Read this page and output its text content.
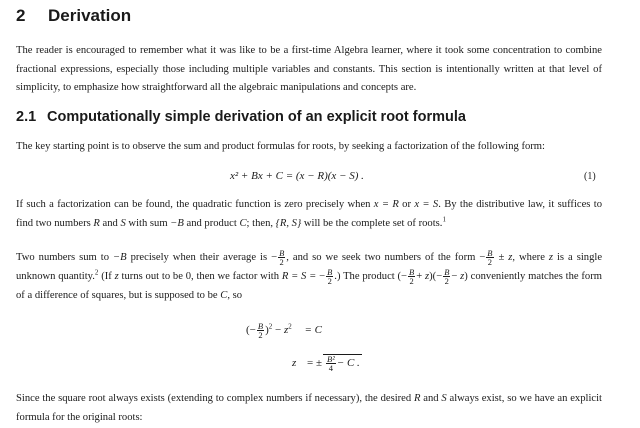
2 Derivation

The reader is encouraged to remember what it was like to be a first-time Algebra learner, where it took some concentration to combine fractional expressions, especially those including multiple variables and constants. This section is intentionally written at that level of simplicity, to emphasize how straightforward all the algebraic manipulations and concepts are.

2.1 Computationally simple derivation of an explicit root formula

The key starting point is to observe the sum and product formulas for roots, by seeking a factorization of the following form:

x² + Bx + C = (x − R)(x − S) .	(1)

If such a factorization can be found, the quadratic function is zero precisely when x = R or x = S. By the distributive law, it suffices to find two numbers R and S with sum −B and product C; then, {R, S} will be the complete set of roots.$^1$

Two numbers sum to −B precisely when their average is − $\frac{B}{2}$ , and so we seek two numbers of the form − $\frac{B}{2} \pm z$, where z is a single unknown quantity.$^2$ (If z turns out to be 0, then we factor with R = S = − $\frac{B}{2}$ .) The product (− $\frac{B}{2} + z)(- \frac{B}{2} - z)$ conveniently matches the form of a difference of squares, but is supposed to be C, so

(− $\frac{B}{2} )^2 - z^2 = C$
z = ± $\frac{\text{B²}}{4} - C$ .

Since the square root always exists (extending to complex numbers if necessary), the desired R and S always exist, so we have an explicit formula for the original roots:
